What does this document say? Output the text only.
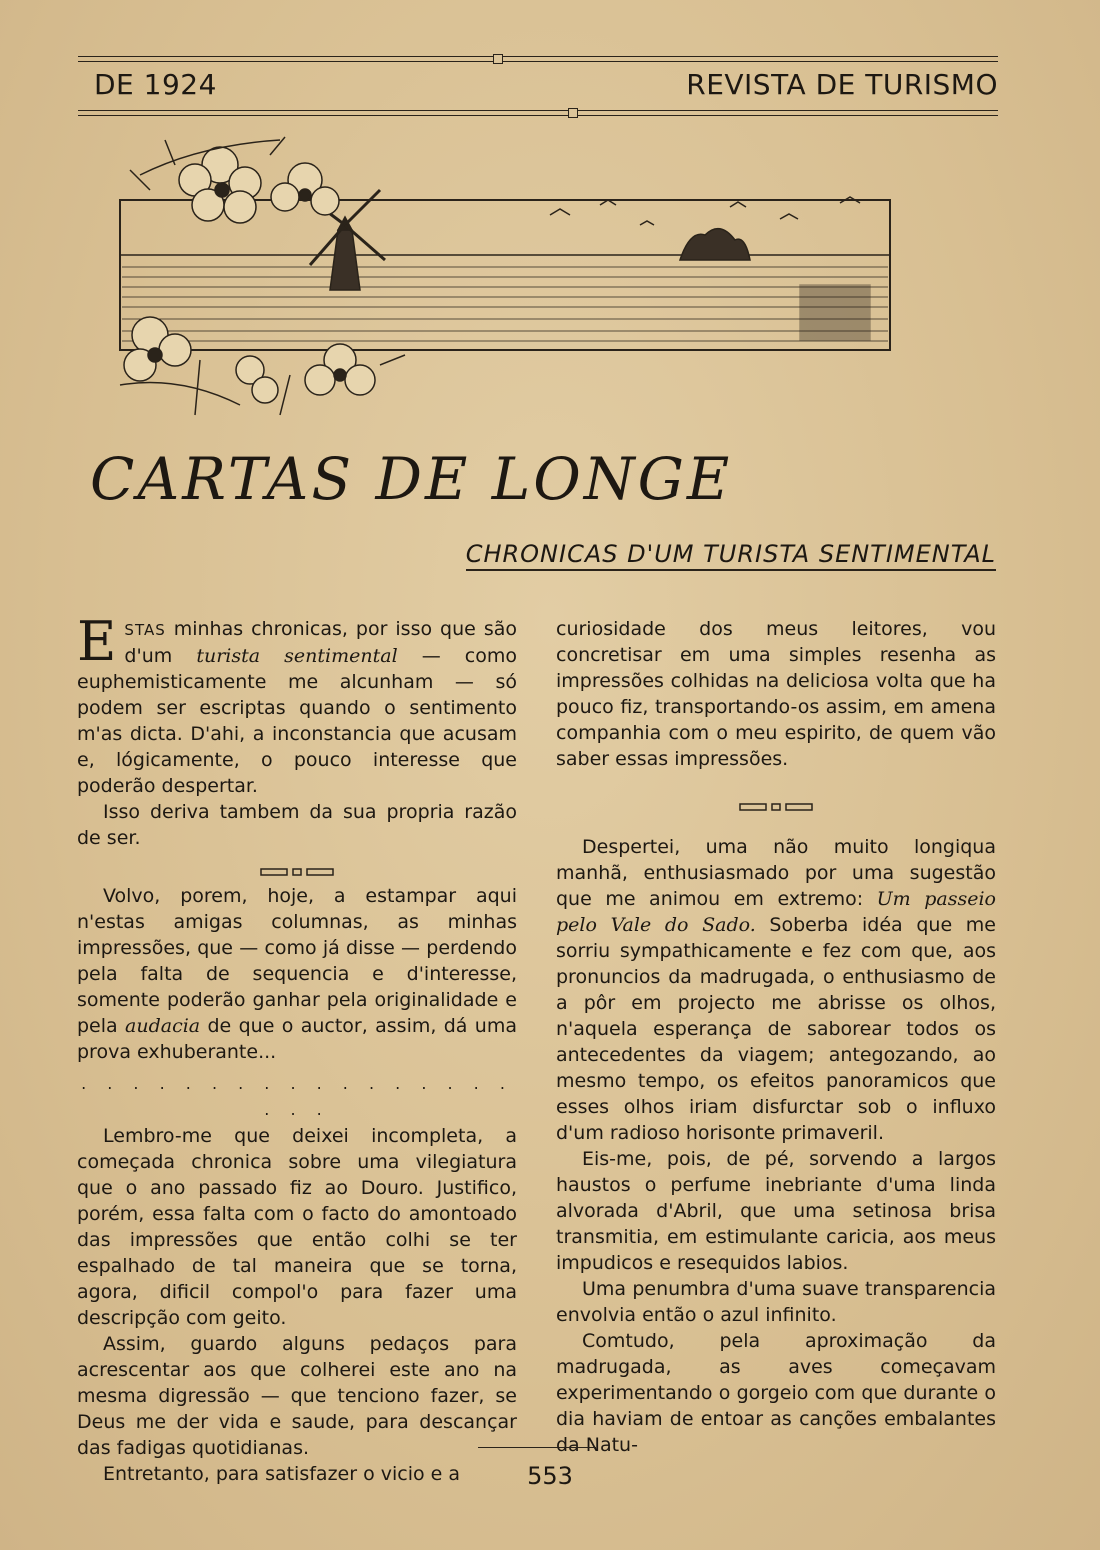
DE 1924	REVISTA DE TURISMO
CARTAS DE LONGE
CHRONICAS D'UM TURISTA SENTIMENTAL

ESTAS minhas chronicas, por isso que são d'um turista sentimental — como euphemisticamente me alcunham — só podem ser escriptas quando o sentimento m'as dicta. D'ahi, a inconstancia que acusam e, lógicamente, o pouco interesse que poderão despertar.

Isso deriva tambem da sua propria razão de ser.

Volvo, porem, hoje, a estampar aqui n'estas amigas columnas, as minhas impressões, que — como já disse — perdendo pela falta de sequencia e d'interesse, somente poderão ganhar pela originalidade e pela audacia de que o auctor, assim, dá uma prova exhuberante...

. . . . . . . . . . . . . . . . . . . .

Lembro-me que deixei incompleta, a começada chronica sobre uma vilegiatura que o ano passado fiz ao Douro. Justifico, porém, essa falta com o facto do amontoado das impressões que então colhi se ter espalhado de tal maneira que se torna, agora, dificil compol'o para fazer uma descripção com geito.

Assim, guardo alguns pedaços para acrescentar aos que colherei este ano na mesma digressão — que tenciono fazer, se Deus me der vida e saude, para descançar das fadigas quotidianas.

Entretanto, para satisfazer o vicio e a

curiosidade dos meus leitores, vou concretisar em uma simples resenha as impressões colhidas na deliciosa volta que ha pouco fiz, transportando-os assim, em amena companhia com o meu espirito, de quem vão saber essas impressões.

Despertei, uma não muito longiqua manhã, enthusiasmado por uma sugestão que me animou em extremo: Um passeio pelo Vale do Sado. Soberba idéa que me sorriu sympathicamente e fez com que, aos pronuncios da madrugada, o enthusiasmo de a pôr em projecto me abrisse os olhos, n'aquela esperança de saborear todos os antecedentes da viagem; antegozando, ao mesmo tempo, os efeitos panoramicos que esses olhos iriam disfurctar sob o influxo d'um radioso horisonte primaveril.

Eis-me, pois, de pé, sorvendo a largos haustos o perfume inebriante d'uma linda alvorada d'Abril, que uma setinosa brisa transmitia, em estimulante caricia, aos meus impudicos e resequidos labios.

Uma penumbra d'uma suave transparencia envolvia então o azul infinito.

Comtudo, pela aproximação da madrugada, as aves começavam experimentando o gorgeio com que durante o dia haviam de entoar as canções embalantes da Natu-

553
